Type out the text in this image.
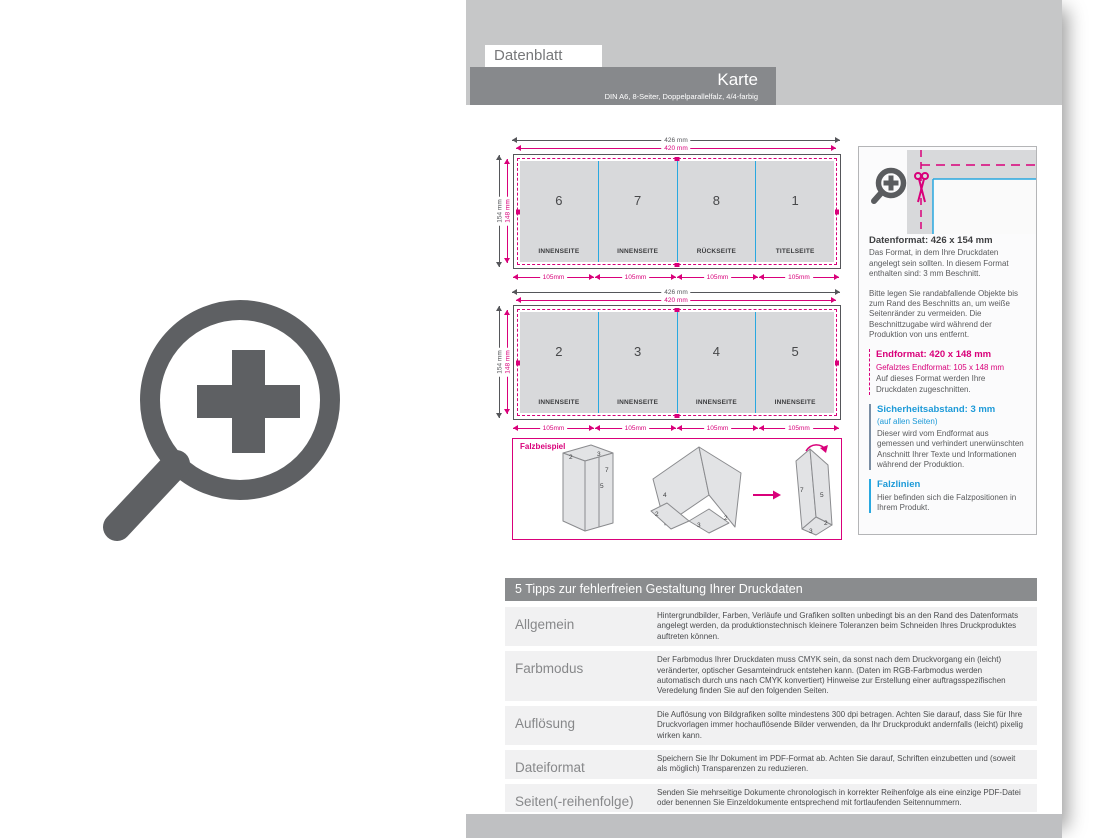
Datenblatt
Karte
DIN A6, 8-Seiter, Doppelparallelfalz, 4/4-farbig
426 mm
420 mm
154 mm 148 mm	6
INNENSEITE
7
INNENSEITE
8
RÜCKSEITE
1
TITELSEITE
105mm	105mm	105mm	105mm
426 mm
420 mm
154 mm 148 mm	2
INNENSEITE
3
INNENSEITE
4
INNENSEITE
5
INNENSEITE
105mm	105mm	105mm	105mm
Falzbeispiel
2	3
7
5
4
2
3
2
7
5
2
3
Datenformat: 426 x 154 mm

Das Format, in dem Ihre Druckdaten angelegt sein sollten. In diesem Format enthalten sind: 3 mm Beschnitt.

Bitte legen Sie randabfallende Objekte bis zum Rand des Beschnitts an, um weiße Seitenränder zu vermeiden. Die Beschnittzugabe wird während der Produktion von uns entfernt.

Endformat: 420 x 148 mm
Gefalztes Endformat: 105 x 148 mm

Auf dieses Format werden Ihre Druckdaten zugeschnitten.

Sicherheitsabstand: 3 mm
(auf allen Seiten)

Dieser wird vom Endformat aus gemessen und verhindert unerwünschten Anschnitt Ihrer Texte und Informationen während der Produktion.

Falzlinien

Hier befinden sich die Falzpositionen in Ihrem Produkt.

5 Tipps zur fehlerfreien Gestaltung Ihrer Druckdaten
Allgemein
Hintergrundbilder, Farben, Verläufe und Grafiken sollten unbedingt bis an den Rand des Datenformats angelegt werden, da produktionstechnisch kleinere Toleranzen beim Schneiden Ihres Druckproduktes auftreten können.
Farbmodus
Der Farbmodus Ihrer Druckdaten muss CMYK sein, da sonst nach dem Druckvorgang ein (leicht) veränderter, optischer Gesamteindruck entstehen kann. (Daten im RGB-Farbmodus werden automatisch durch uns nach CMYK konvertiert) Hinweise zur Erstellung einer auftragsspezifischen Veredelung finden Sie auf den folgenden Seiten.
Auflösung
Die Auflösung von Bildgrafiken sollte mindestens 300 dpi betragen. Achten Sie darauf, dass Sie für Ihre Druckvorlagen immer hochauflösende Bilder verwenden, da Ihr Druckprodukt andernfalls (leicht) pixelig wirken kann.
Dateiformat
Speichern Sie Ihr Dokument im PDF-Format ab. Achten Sie darauf, Schriften einzubetten und (soweit als möglich) Transparenzen zu reduzieren.
Seiten(-reihenfolge)
Senden Sie mehrseitige Dokumente chronologisch in korrekter Reihenfolge als eine einzige PDF-Datei oder benennen Sie Einzeldokumente entsprechend mit fortlaufenden Seitennummern.
